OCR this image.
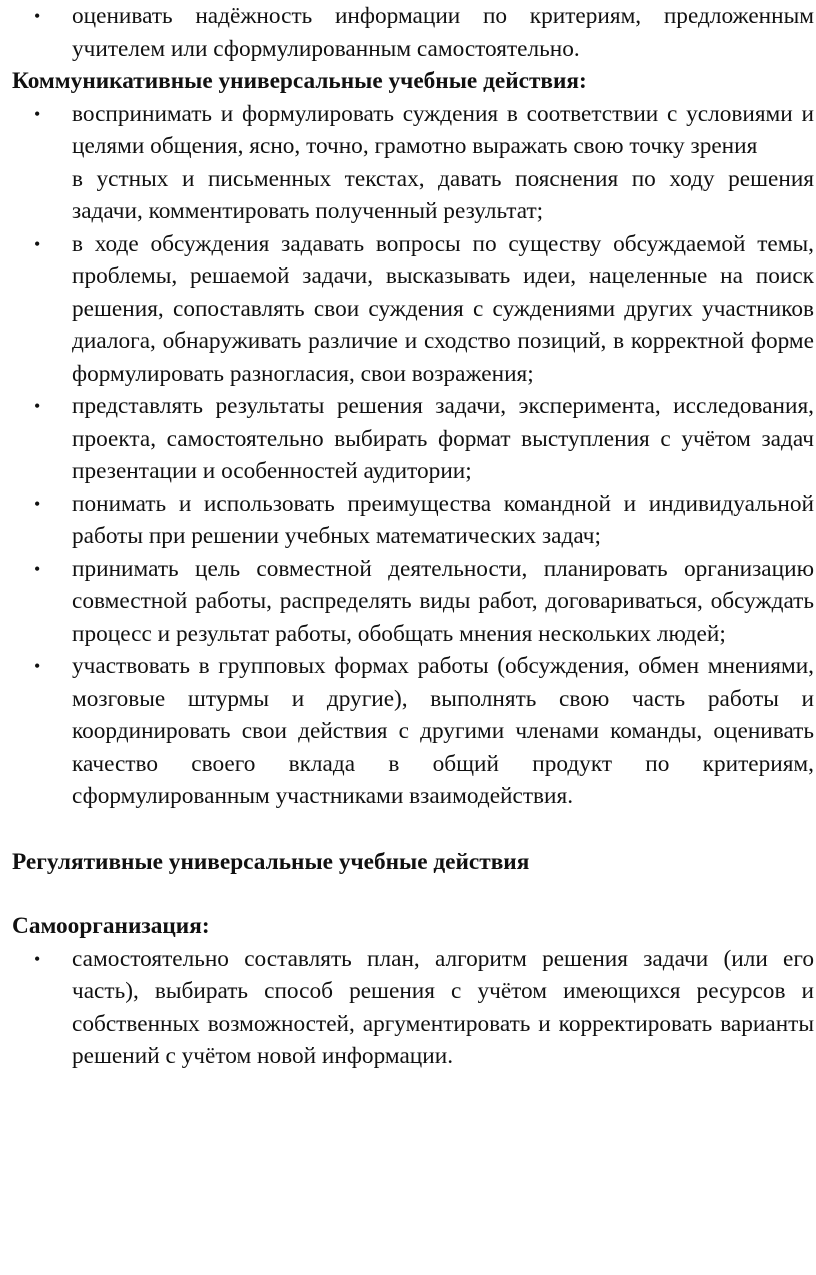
• оценивать надёжность информации по критериям, предложенным учителем или сформулированным самостоятельно.
Коммуникативные универсальные учебные действия:
• воспринимать и формулировать суждения в соответствии с условиями и целями общения, ясно, точно, грамотно выражать свою точку зрения
в устных и письменных текстах, давать пояснения по ходу решения задачи, комментировать полученный результат;
• в ходе обсуждения задавать вопросы по существу обсуждаемой темы, проблемы, решаемой задачи, высказывать идеи, нацеленные на поиск решения, сопоставлять свои суждения с суждениями других участников диалога, обнаруживать различие и сходство позиций, в корректной форме формулировать разногласия, свои возражения;
• представлять результаты решения задачи, эксперимента, исследования, проекта, самостоятельно выбирать формат выступления с учётом задач презентации и особенностей аудитории;
• понимать и использовать преимущества командной и индивидуальной работы при решении учебных математических задач;
• принимать цель совместной деятельности, планировать организацию совместной работы, распределять виды работ, договариваться, обсуждать процесс и результат работы, обобщать мнения нескольких людей;
• участвовать в групповых формах работы (обсуждения, обмен мнениями, мозговые штурмы и другие), выполнять свою часть работы и координировать свои действия с другими членами команды, оценивать качество своего вклада в общий продукт по критериям, сформулированным участниками взаимодействия.
Регулятивные универсальные учебные действия
Самоорганизация:
• самостоятельно составлять план, алгоритм решения задачи (или его часть), выбирать способ решения с учётом имеющихся ресурсов и собственных возможностей, аргументировать и корректировать варианты решений с учётом новой информации.
